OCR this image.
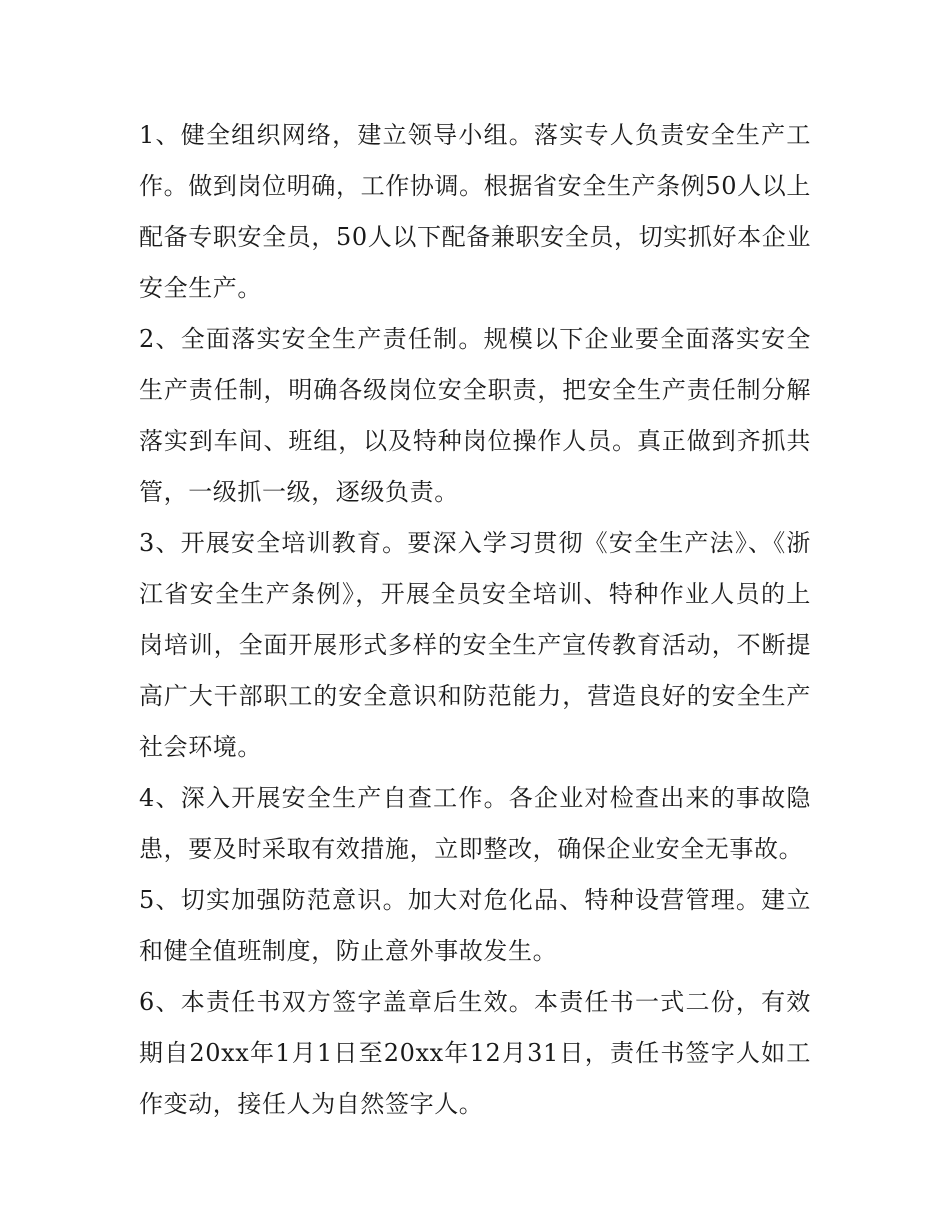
1、健全组织网络，建立领导小组。落实专人负责安全生产工作。做到岗位明确，工作协调。根据省安全生产条例50人以上配备专职安全员，50人以下配备兼职安全员，切实抓好本企业安全生产。

2、全面落实安全生产责任制。规模以下企业要全面落实安全生产责任制，明确各级岗位安全职责，把安全生产责任制分解落实到车间、班组，以及特种岗位操作人员。真正做到齐抓共管，一级抓一级，逐级负责。

3、开展安全培训教育。要深入学习贯彻《安全生产法》、《浙江省安全生产条例》，开展全员安全培训、特种作业人员的上岗培训，全面开展形式多样的安全生产宣传教育活动，不断提高广大干部职工的安全意识和防范能力，营造良好的安全生产社会环境。

4、深入开展安全生产自查工作。各企业对检查出来的事故隐患，要及时采取有效措施，立即整改，确保企业安全无事故。

5、切实加强防范意识。加大对危化品、特种设营管理。建立和健全值班制度，防止意外事故发生。

6、本责任书双方签字盖章后生效。本责任书一式二份，有效期自20xx年1月1日至20xx年12月31日，责任书签字人如工作变动，接任人为自然签字人。
